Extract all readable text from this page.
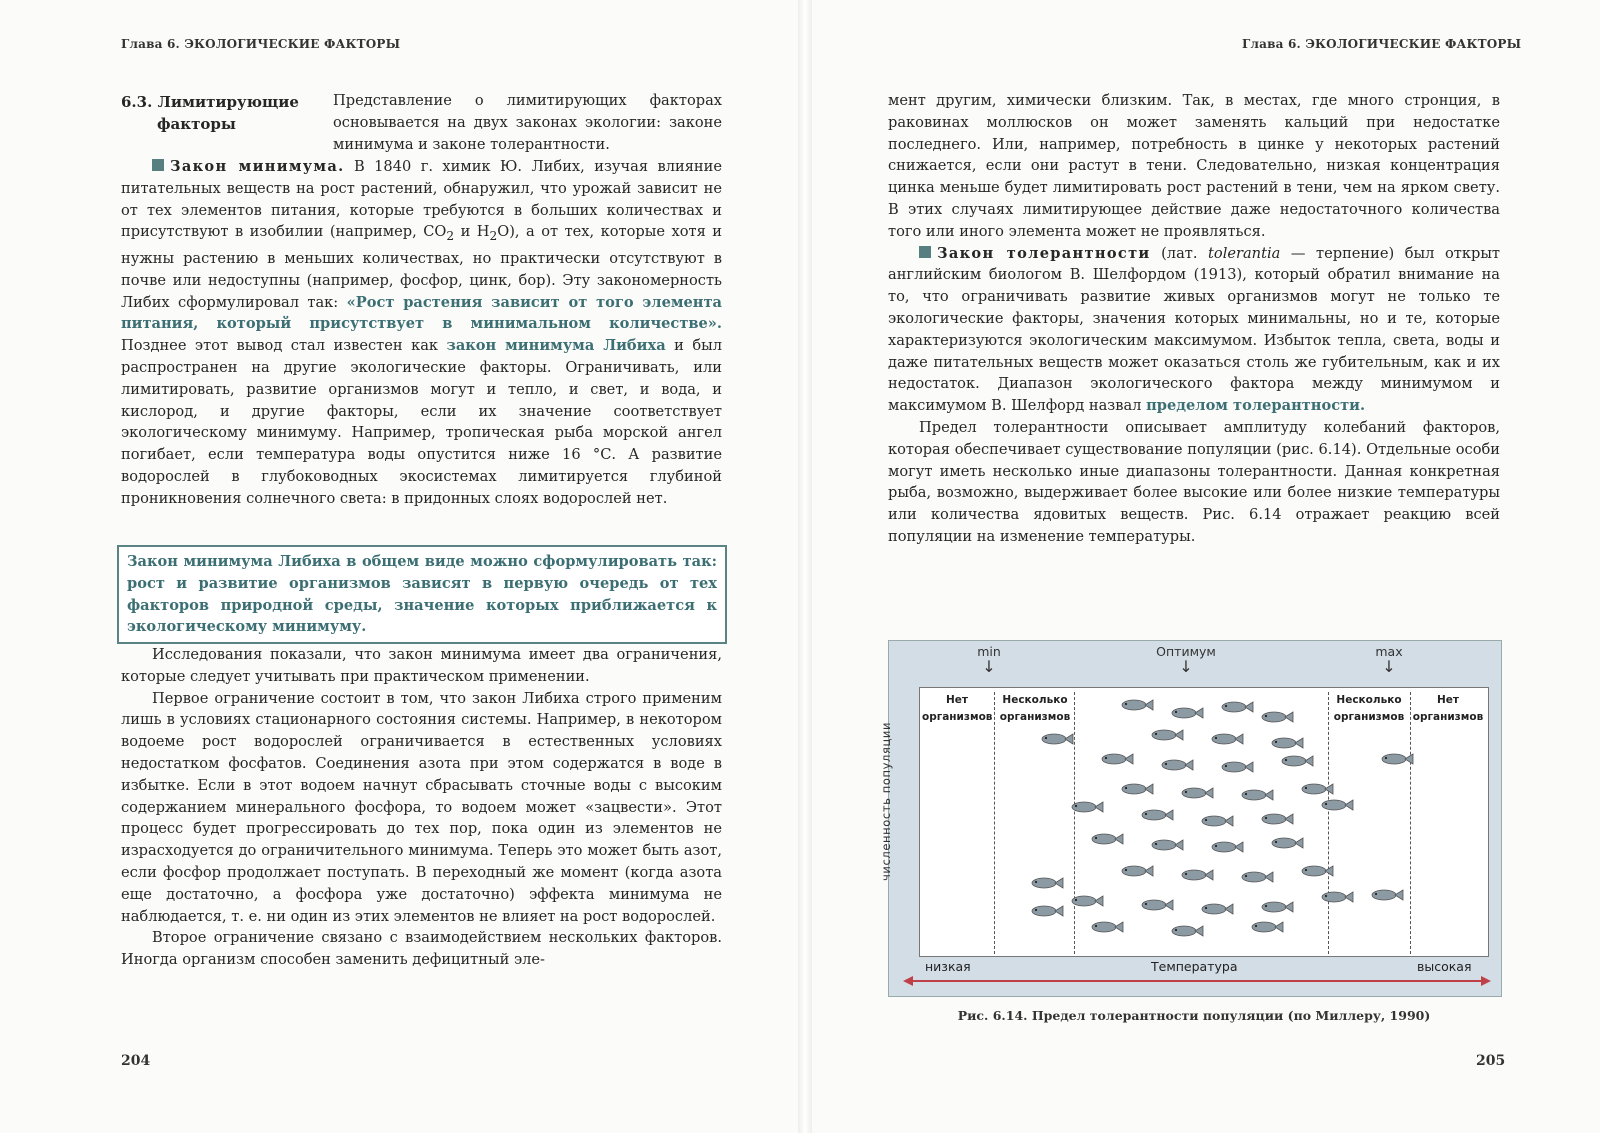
Глава 6. ЭКОЛОГИЧЕСКИЕ ФАКТОРЫ
6.3. Лимитирующие
факторы

Представление о лимитирующих факторах основывается на двух законах экологии: законе минимума и законе толерантности.

Закон минимума. В 1840 г. химик Ю. Либих, изучая влияние питательных веществ на рост растений, обнаружил, что урожай зависит не от тех элементов питания, которые требуются в больших количествах и присутствуют в изобилии (например, $CO_2$ и $H_2O$), а от тех, которые хотя и нужны растению в меньших количествах, но практически отсутствуют в почве или недоступны (например, фосфор, цинк, бор). Эту закономерность Либих сформулировал так: «Рост растения зависит от того элемента питания, который присутствует в минимальном количестве». Позднее этот вывод стал известен как закон минимума Либиха и был распространен на другие экологические факторы. Ограничивать, или лимитировать, развитие организмов могут и тепло, и свет, и вода, и кислород, и другие факторы, если их значение соответствует экологическому минимуму. Например, тропическая рыба морской ангел погибает, если температура воды опустится ниже 16 °С. А развитие водорослей в глубоководных экосистемах лимитируется глубиной проникновения солнечного света: в придонных слоях водорослей нет.

Закон минимума Либиха в общем виде можно сформулировать так: рост и развитие организмов зависят в первую очередь от тех факторов природной среды, значение которых приближается к экологическому минимуму.

Исследования показали, что закон минимума имеет два ограничения, которые следует учитывать при практическом применении.

Первое ограничение состоит в том, что закон Либиха строго применим лишь в условиях стационарного состояния системы. Например, в некотором водоеме рост водорослей ограничивается в естественных условиях недостатком фосфатов. Соединения азота при этом содержатся в воде в избытке. Если в этот водоем начнут сбрасывать сточные воды с высоким содержанием минерального фосфора, то водоем может «зацвести». Этот процесс будет прогрессировать до тех пор, пока один из элементов не израсходуется до ограничительного минимума. Теперь это может быть азот, если фосфор продолжает поступать. В переходный же момент (когда азота еще достаточно, а фосфора уже достаточно) эффекта минимума не наблюдается, т. е. ни один из этих элементов не влияет на рост водорослей.

Второе ограничение связано с взаимодействием нескольких факторов. Иногда организм способен заменить дефицитный эле-

204
Глава 6. ЭКОЛОГИЧЕСКИЕ ФАКТОРЫ
205

мент другим, химически близким. Так, в местах, где много стронция, в раковинах моллюсков он может заменять кальций при недостатке последнего. Или, например, потребность в цинке у некоторых растений снижается, если они растут в тени. Следовательно, низкая концентрация цинка меньше будет лимитировать рост растений в тени, чем на ярком свету. В этих случаях лимитирующее действие даже недостаточного количества того или иного элемента может не проявляться.

Закон толерантности (лат. tolerantia — терпение) был открыт английским биологом В. Шелфордом (1913), который обратил внимание на то, что ограничивать развитие живых организмов могут не только те экологические факторы, значения которых минимальны, но и те, которые характеризуются экологическим максимумом. Избыток тепла, света, воды и даже питательных веществ может оказаться столь же губительным, как и их недостаток. Диапазон экологического фактора между минимумом и максимумом В. Шелфорд назвал пределом толерантности.

Предел толерантности описывает амплитуду колебаний факторов, которая обеспечивает существование популяции (рис. 6.14). Отдельные особи могут иметь несколько иные диапазоны толерантности. Данная конкретная рыба, возможно, выдерживает более высокие или более низкие температуры или количества ядовитых веществ. Рис. 6.14 отражает реакцию всей популяции на изменение температуры.

min
↓
Оптимум
↓
max
↓
численность популяции
Нет
организмов
Несколько
организмов
Несколько
организмов
Нет
организмов
низкая	Температура	высокая
Рис. 6.14. Предел толерантности популяции (по Миллеру, 1990)
